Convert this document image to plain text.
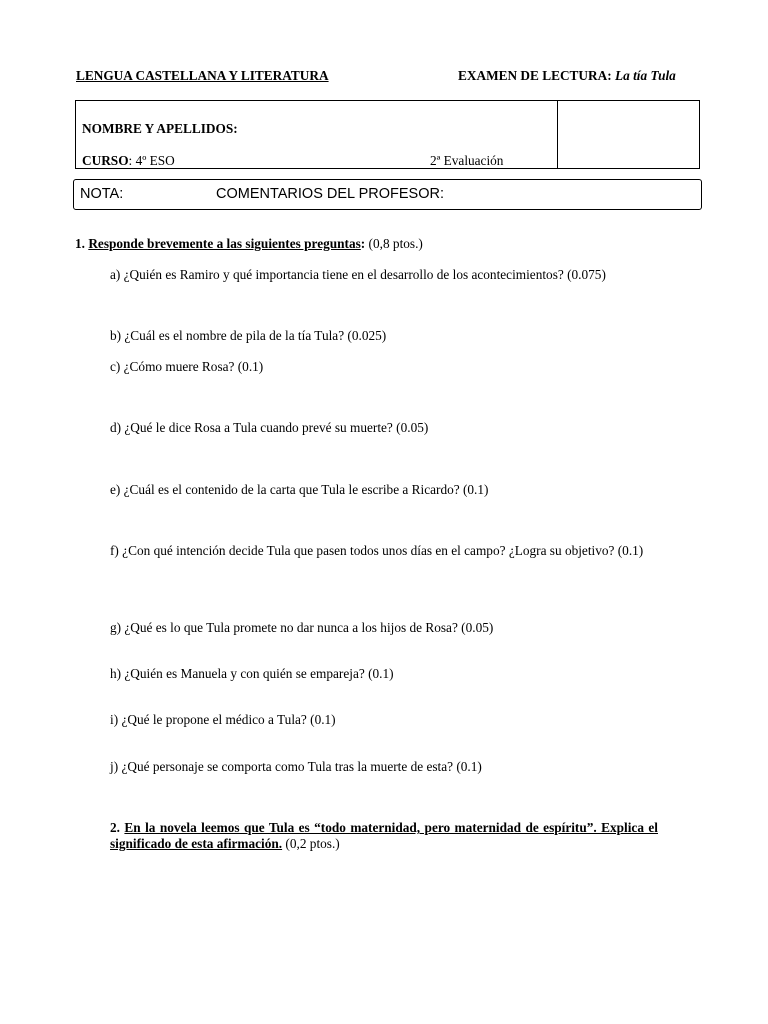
LENGUA CASTELLANA Y LITERATURA	EXAMEN DE LECTURA: La tía Tula
NOMBRE Y APELLIDOS:
CURSO: 4º ESO	2ª Evaluación
NOTA:	COMENTARIOS DEL PROFESOR:
1. Responde brevemente a las siguientes preguntas: (0,8 ptos.)
a) ¿Quién es Ramiro y qué importancia tiene en el desarrollo de los acontecimientos? (0.075)
b) ¿Cuál es el nombre de pila de la tía Tula? (0.025)
c) ¿Cómo muere Rosa? (0.1)
d) ¿Qué le dice Rosa a Tula cuando prevé su muerte? (0.05)
e) ¿Cuál es el contenido de la carta que Tula le escribe a Ricardo? (0.1)
f) ¿Con qué intención decide Tula que pasen todos unos días en el campo? ¿Logra su objetivo? (0.1)
g) ¿Qué es lo que Tula promete no dar nunca a los hijos de Rosa? (0.05)
h) ¿Quién es Manuela y con quién se empareja? (0.1)
i) ¿Qué le propone el médico a Tula? (0.1)
j) ¿Qué personaje se comporta como Tula tras la muerte de esta? (0.1)
2. En la novela leemos que Tula es “todo maternidad, pero maternidad de espíritu”. Explica el significado de esta afirmación. (0,2 ptos.)
